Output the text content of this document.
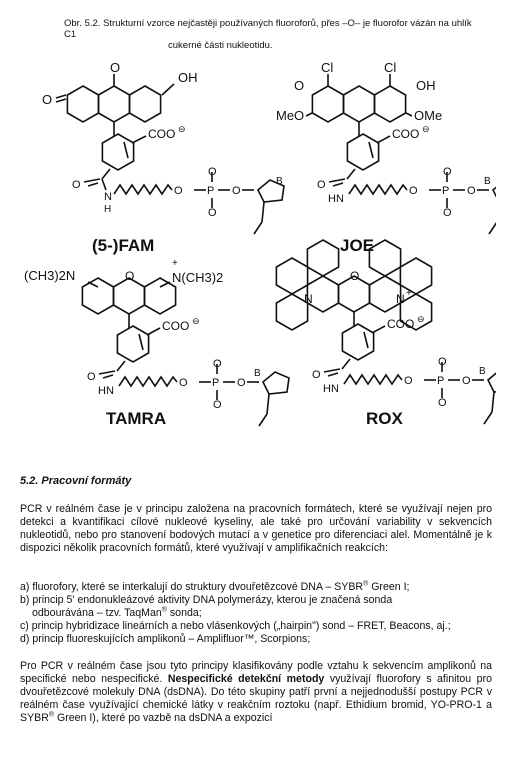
Obr. 5.2. Strukturní vzorce nejčastěji používaných fluoroforů, přes –O– je fluorofor vázán na uhlík C1
cukerné části nukleotidu.
OH
O
O
COO ⊖
O
N
H
O P
O
O
O
B
(5-)FAM
Cl	Cl
O	OH
MeO	OMe
COO ⊖
O
HN
O P
O
O
O
B
JOE
(CH3)2N	N(CH3)2
+
O
COO ⊖
O
HN
O P
O
O
O
B
TAMRA
N	N +
O
COO ⊖
O
HN
O P
O
O
O
B
ROX
5.2. Pracovní formáty

PCR v reálném čase je v principu založena na pracovních formátech, které se využívají nejen pro detekci a kvantifikaci cílové nukleové kyseliny, ale také pro určování variability v sekvencích nukleotidů, nebo pro stanovení bodových mutací a v genetice pro diferenciaci alel. Momentálně je k dispozici několik pracovních formátů, které využívají v amplifikačních reakcích:

a) fluorofory, které se interkalují do struktury dvouřetězcové DNA – SYBR® Green I;
b) princip 5' endonukleázové aktivity DNA polymerázy, kterou je značená sonda
odbourávána – tzv. TaqMan® sonda;
c) princip hybridizace lineárních a nebo vlásenkových („hairpin") sond – FRET, Beacons, aj.;
d) princip fluoreskujících amplikonů – Amplifluor™, Scorpions;

Pro PCR v reálném čase jsou tyto principy klasifikovány podle vztahu k sekvencím amplikonů na specifické nebo nespecifické. Nespecifické detekční metody využívají fluorofory s afinitou pro dvouřetězcové molekuly DNA (dsDNA). Do této skupiny patří první a nejjednodušší postupy PCR v reálném čase využívající chemické látky v reakčním roztoku (např. Ethidium bromid, YO-PRO-1 a SYBR® Green I), které po vazbě na dsDNA a expozicí
